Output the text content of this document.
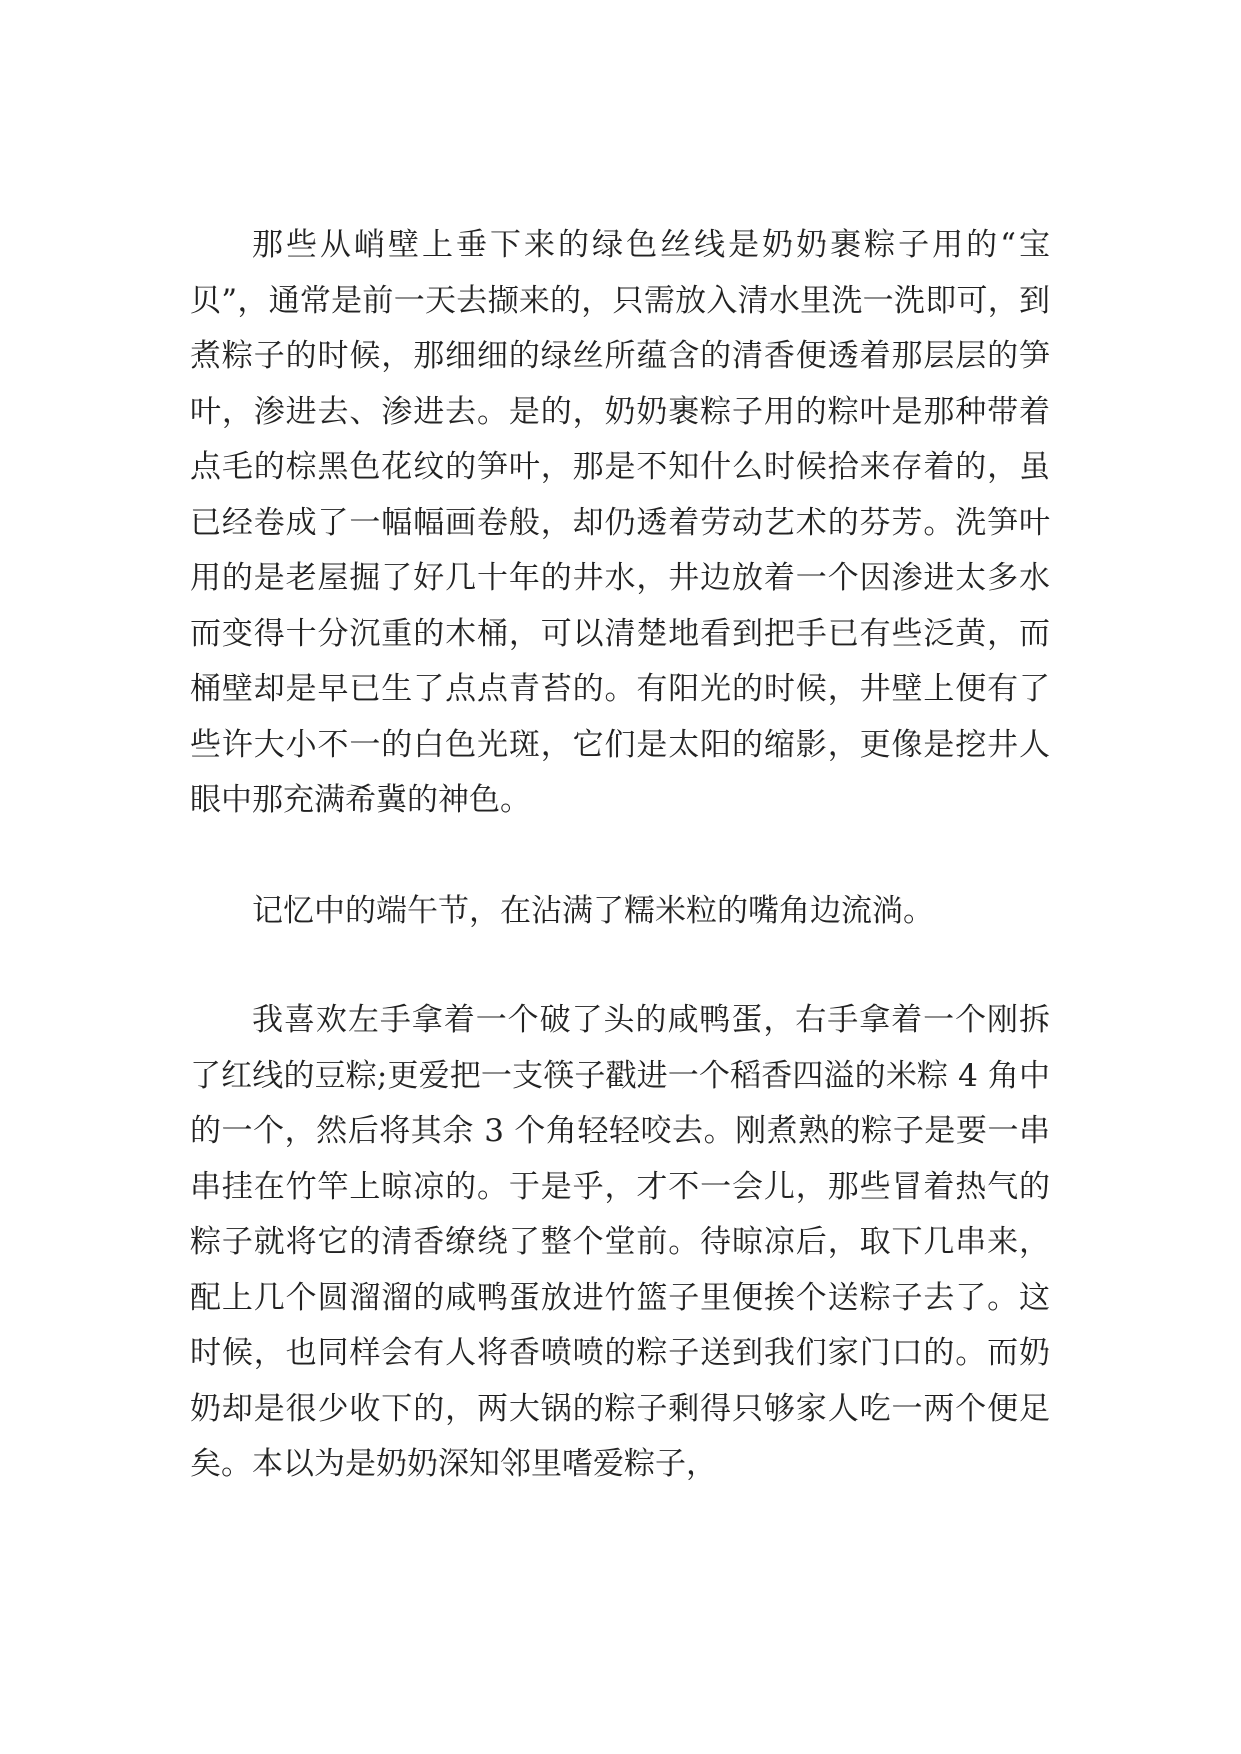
那些从峭壁上垂下来的绿色丝线是奶奶裹粽子用的“宝贝”，通常是前一天去撷来的，只需放入清水里洗一洗即可，到煮粽子的时候，那细细的绿丝所蕴含的清香便透着那层层的笋叶，渗进去、渗进去。是的，奶奶裹粽子用的粽叶是那种带着点毛的棕黑色花纹的笋叶，那是不知什么时候拾来存着的，虽已经卷成了一幅幅画卷般，却仍透着劳动艺术的芬芳。洗笋叶用的是老屋掘了好几十年的井水，井边放着一个因渗进太多水而变得十分沉重的木桶，可以清楚地看到把手已有些泛黄，而桶壁却是早已生了点点青苔的。有阳光的时候，井壁上便有了些许大小不一的白色光斑，它们是太阳的缩影，更像是挖井人眼中那充满希冀的神色。

记忆中的端午节，在沾满了糯米粒的嘴角边流淌。

我喜欢左手拿着一个破了头的咸鸭蛋，右手拿着一个刚拆了红线的豆粽;更爱把一支筷子戳进一个稻香四溢的米粽 4 角中的一个，然后将其余 3 个角轻轻咬去。刚煮熟的粽子是要一串串挂在竹竿上晾凉的。于是乎，才不一会儿，那些冒着热气的粽子就将它的清香缭绕了整个堂前。待晾凉后，取下几串来，配上几个圆溜溜的咸鸭蛋放进竹篮子里便挨个送粽子去了。这时候，也同样会有人将香喷喷的粽子送到我们家门口的。而奶奶却是很少收下的，两大锅的粽子剩得只够家人吃一两个便足矣。本以为是奶奶深知邻里嗜爱粽子，
